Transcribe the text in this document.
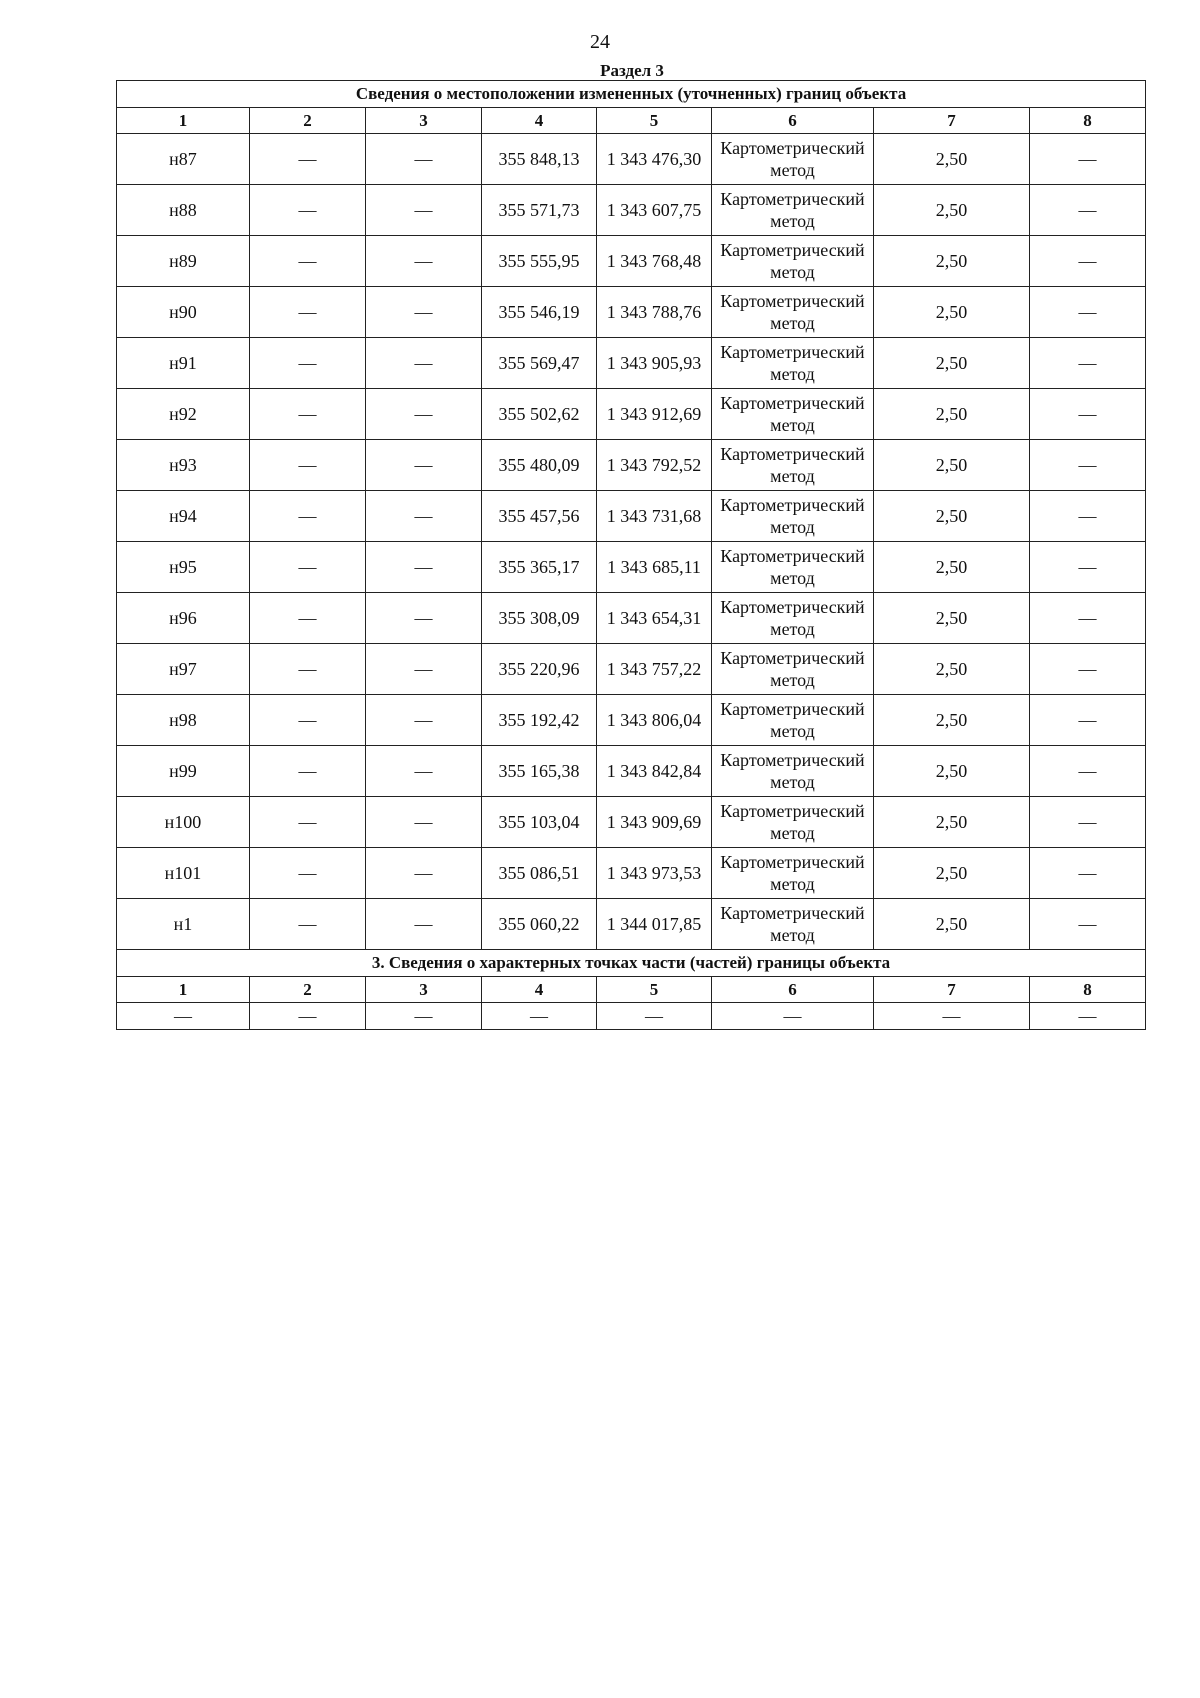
24
Раздел 3
Сведения о местоположении измененных (уточненных) границ объекта							
1	2	3	4	5	6	7	8
н87	—	—	355 848,13	1 343 476,30	Картометрический метод	2,50	—
н88	—	—	355 571,73	1 343 607,75	Картометрический метод	2,50	—
н89	—	—	355 555,95	1 343 768,48	Картометрический метод	2,50	—
н90	—	—	355 546,19	1 343 788,76	Картометрический метод	2,50	—
н91	—	—	355 569,47	1 343 905,93	Картометрический метод	2,50	—
н92	—	—	355 502,62	1 343 912,69	Картометрический метод	2,50	—
н93	—	—	355 480,09	1 343 792,52	Картометрический метод	2,50	—
н94	—	—	355 457,56	1 343 731,68	Картометрический метод	2,50	—
н95	—	—	355 365,17	1 343 685,11	Картометрический метод	2,50	—
н96	—	—	355 308,09	1 343 654,31	Картометрический метод	2,50	—
н97	—	—	355 220,96	1 343 757,22	Картометрический метод	2,50	—
н98	—	—	355 192,42	1 343 806,04	Картометрический метод	2,50	—
н99	—	—	355 165,38	1 343 842,84	Картометрический метод	2,50	—
н100	—	—	355 103,04	1 343 909,69	Картометрический метод	2,50	—
н101	—	—	355 086,51	1 343 973,53	Картометрический метод	2,50	—
н1	—	—	355 060,22	1 344 017,85	Картометрический метод	2,50	—
3. Сведения о характерных точках части (частей) границы объекта							
1	2	3	4	5	6	7	8
—	—	—	—	—	—	—	—
